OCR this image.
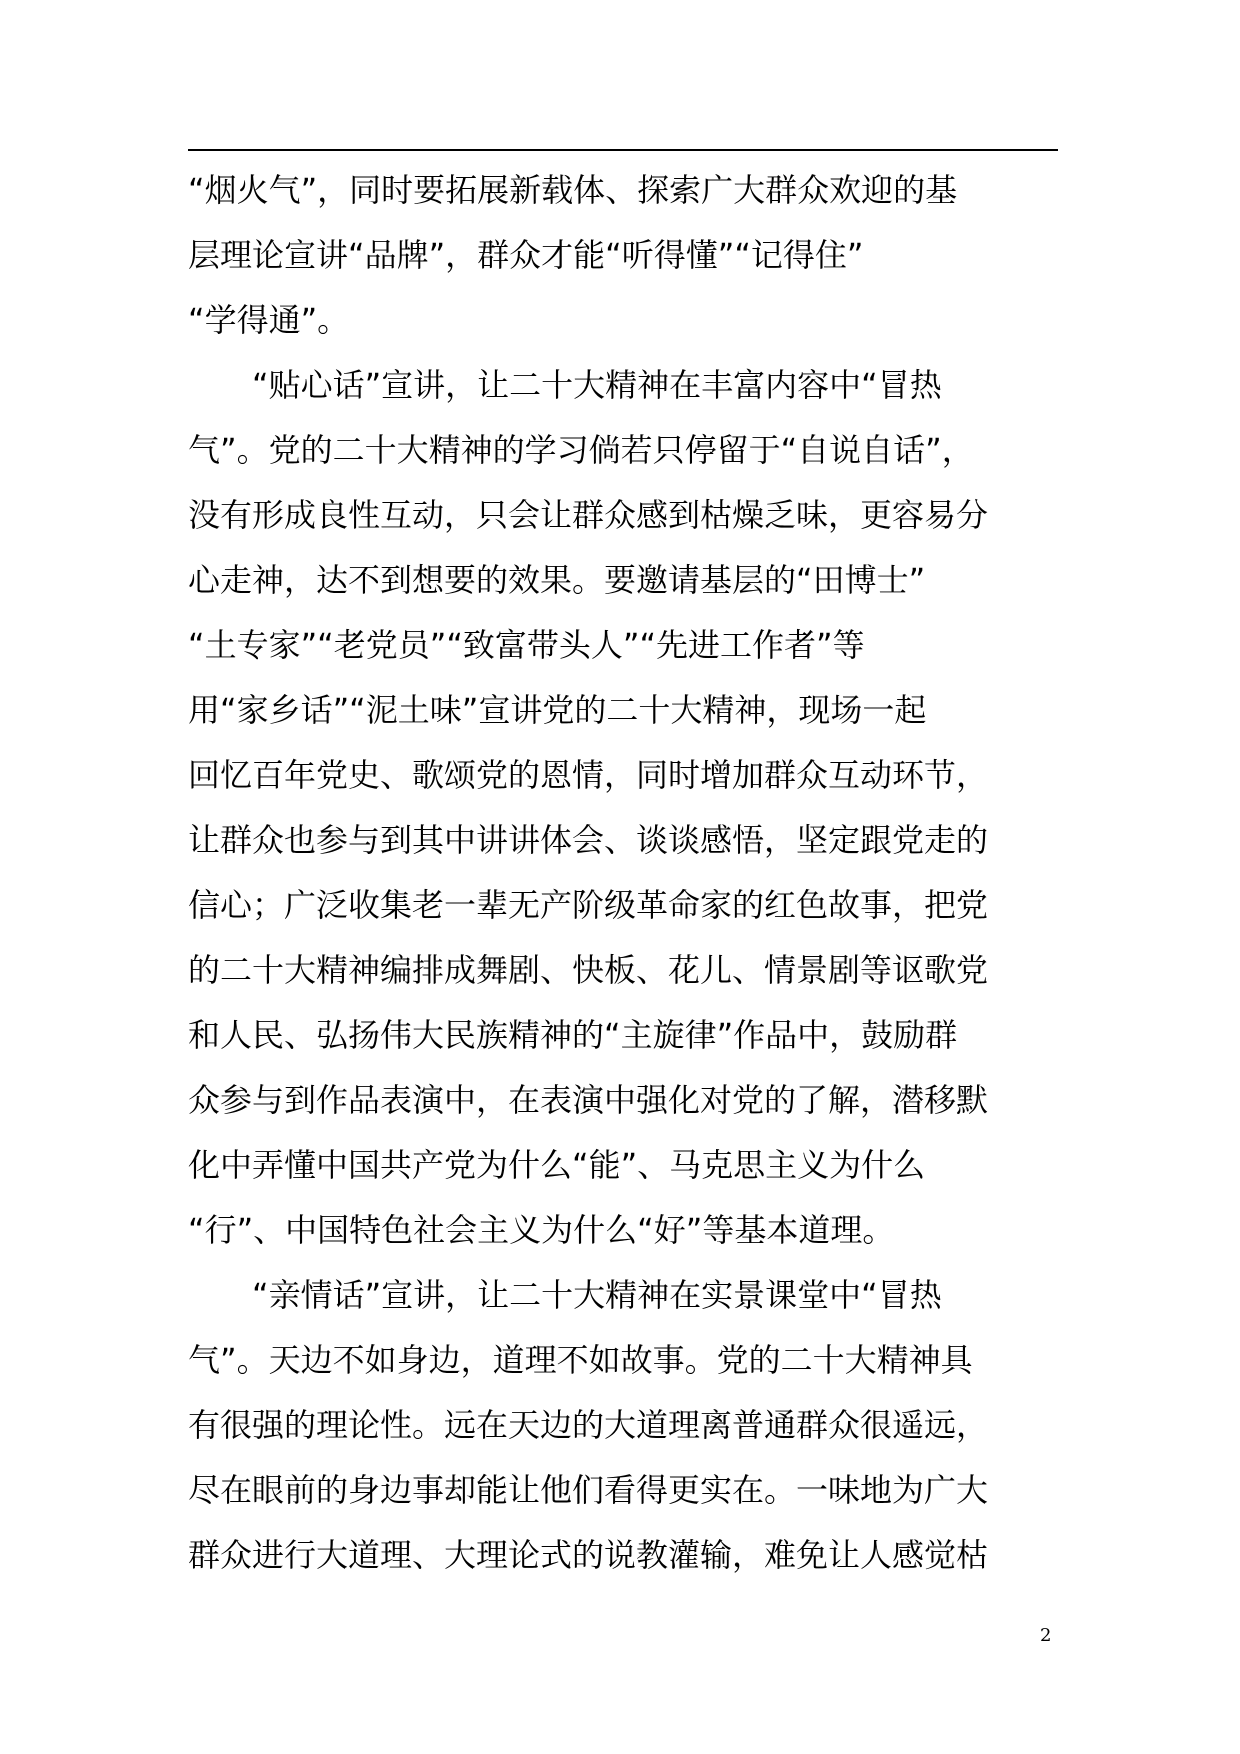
“烟火气”，同时要拓展新载体、探索广大群众欢迎的基
层理论宣讲“品牌”，群众才能“听得懂”“记得住”
“学得通”。
“贴心话”宣讲，让二十大精神在丰富内容中“冒热
气”。党的二十大精神的学习倘若只停留于“自说自话”，
没有形成良性互动，只会让群众感到枯燥乏味，更容易分
心走神，达不到想要的效果。要邀请基层的“田博士”
“土专家”“老党员”“致富带头人”“先进工作者”等
用“家乡话”“泥土味”宣讲党的二十大精神，现场一起
回忆百年党史、歌颂党的恩情，同时增加群众互动环节，
让群众也参与到其中讲讲体会、谈谈感悟，坚定跟党走的
信心；广泛收集老一辈无产阶级革命家的红色故事，把党
的二十大精神编排成舞剧、快板、花儿、情景剧等讴歌党
和人民、弘扬伟大民族精神的“主旋律”作品中，鼓励群
众参与到作品表演中，在表演中强化对党的了解，潜移默
化中弄懂中国共产党为什么“能”、马克思主义为什么
“行”、中国特色社会主义为什么“好”等基本道理。
“亲情话”宣讲，让二十大精神在实景课堂中“冒热
气”。天边不如身边，道理不如故事。党的二十大精神具
有很强的理论性。远在天边的大道理离普通群众很遥远，
尽在眼前的身边事却能让他们看得更实在。一味地为广大
群众进行大道理、大理论式的说教灌输，难免让人感觉枯
2
